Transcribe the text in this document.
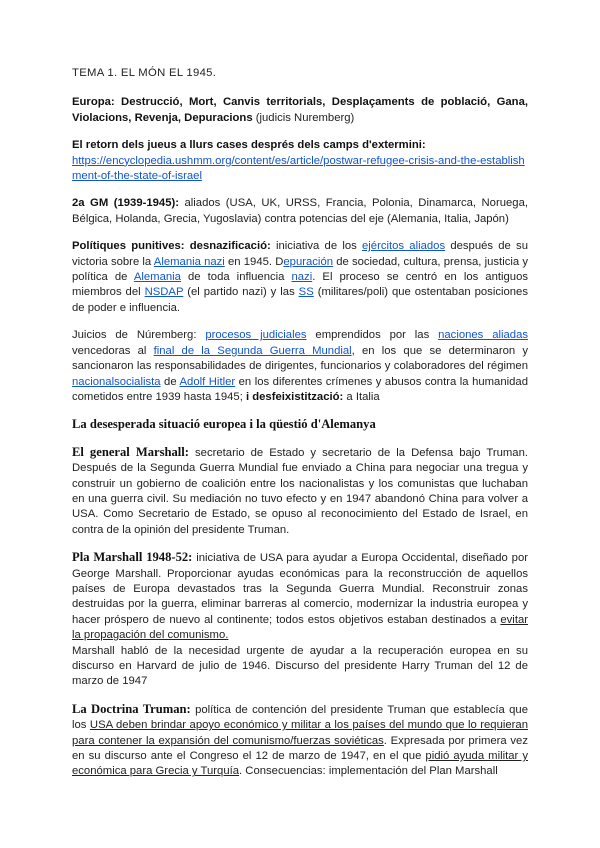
TEMA 1. EL MÓN EL 1945.

Europa: Destrucció, Mort, Canvis territorials, Desplaçaments de població, Gana, Violacions, Revenja, Depuracions (judicis Nuremberg)

El retorn dels jueus a llurs cases després dels camps d'extermini:
https://encyclopedia.ushmm.org/content/es/article/postwar-refugee-crisis-and-the-establishment-of-the-state-of-israel

2a GM (1939-1945): aliados (USA, UK, URSS, Francia, Polonia, Dinamarca, Noruega, Bélgica, Holanda, Grecia, Yugoslavia) contra potencias del eje (Alemania, Italia, Japón)

Polítiques punitives: desnazificació: iniciativa de los ejércitos aliados después de su victoria sobre la Alemania nazi en 1945. Depuración de sociedad, cultura, prensa, justicia y política de Alemania de toda influencia nazi. El proceso se centró en los antiguos miembros del NSDAP (el partido nazi) y las SS (militares/poli) que ostentaban posiciones de poder e influencia.

Juicios de Núremberg: procesos judiciales emprendidos por las naciones aliadas vencedoras al final de la Segunda Guerra Mundial, en los que se determinaron y sancionaron las responsabilidades de dirigentes, funcionarios y colaboradores del régimen nacionalsocialista de Adolf Hitler en los diferentes crímenes y abusos contra la humanidad cometidos entre 1939 hasta 1945; i desfeixistització: a Italia

La desesperada situació europea i la qüestió d'Alemanya

El general Marshall: secretario de Estado y secretario de la Defensa bajo Truman. Después de la Segunda Guerra Mundial fue enviado a China para negociar una tregua y construir un gobierno de coalición entre los nacionalistas y los comunistas que luchaban en una guerra civil. Su mediación no tuvo efecto y en 1947 abandonó China para volver a USA. Como Secretario de Estado, se opuso al reconocimiento del Estado de Israel, en contra de la opinión del presidente Truman.

Pla Marshall 1948-52: iniciativa de USA para ayudar a Europa Occidental, diseñado por George Marshall. Proporcionar ayudas económicas para la reconstrucción de aquellos países de Europa devastados tras la Segunda Guerra Mundial. Reconstruir zonas destruidas por la guerra, eliminar barreras al comercio, modernizar la industria europea y hacer próspero de nuevo al continente; todos estos objetivos estaban destinados a evitar la propagación del comunismo.

Marshall habló de la necesidad urgente de ayudar a la recuperación europea en su discurso en Harvard de julio de 1946. Discurso del presidente Harry Truman del 12 de marzo de 1947

La Doctrina Truman: política de contención del presidente Truman que establecía que los USA deben brindar apoyo económico y militar a los países del mundo que lo requieran para contener la expansión del comunismo/fuerzas soviéticas. Expresada por primera vez en su discurso ante el Congreso el 12 de marzo de 1947, en el que pidió ayuda militar y económica para Grecia y Turquía. Consecuencias: implementación del Plan Marshall
